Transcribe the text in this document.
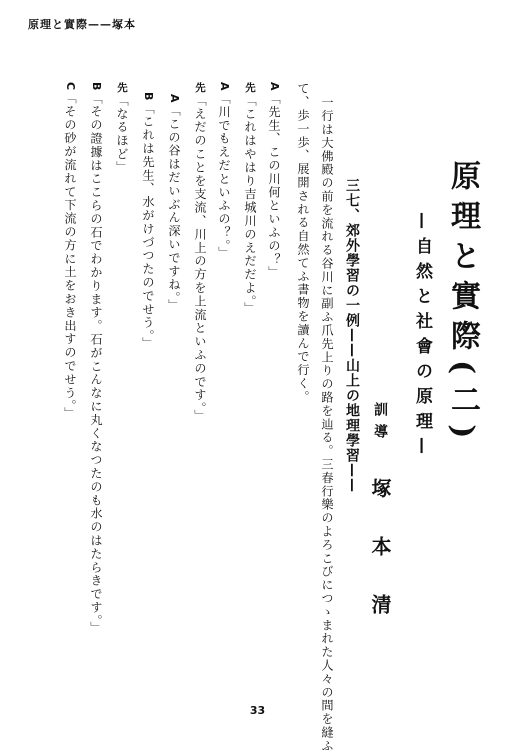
原理と實際——塚本
原理と實際(二)
—自然と社會の原理—
訓導
塚本清
三七、郊外學習の一例——山上の地理學習——
一行は大佛殿の前を流れる谷川に副ふ爪先上りの路を辿る。三春行樂のよろこびにつゝまれた人々の間を縫ふ
て、歩一歩、展開される自然てふ書物を讀んで行く。
A「先生、この川何といふの？」
先「これはやはり吉城川のえだだよ。」
A「川でもえだといふの？。」
先「えだのことを支流、川上の方を上流といふのです。」
A「この谷はだいぶん深いですね。」
B「これは先生、水がけづつたのでせう。」
先「なるほど」
B「その證據はここらの石でわかります。石がこんなに丸くなつたのも水のはたらきです。」
C「その砂が流れて下流の方に土をおき出すのでせう。」
33
